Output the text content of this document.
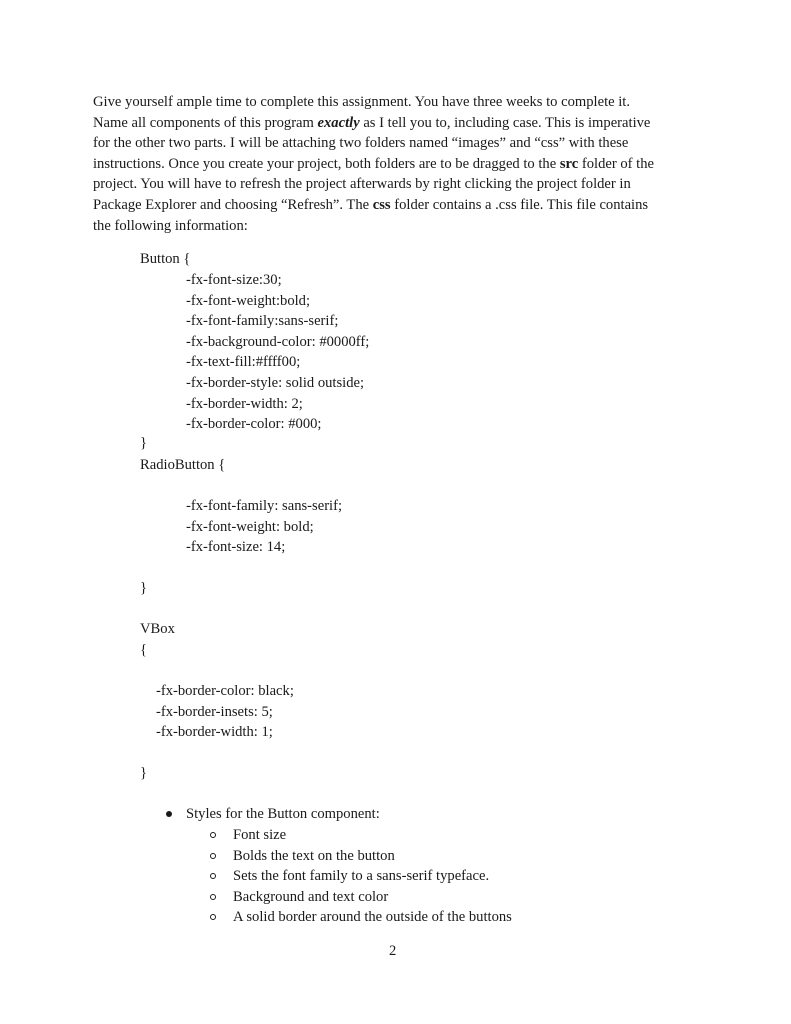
Give yourself ample time to complete this assignment. You have three weeks to complete it.
Name all components of this program exactly as I tell you to, including case. This is imperative
for the other two parts. I will be attaching two folders named “images” and “css” with these
instructions. Once you create your project, both folders are to be dragged to the src folder of the
project. You will have to refresh the project afterwards by right clicking the project folder in
Package Explorer and choosing “Refresh”. The css folder contains a .css file. This file contains
the following information:
Button {
-fx-font-size:30;
-fx-font-weight:bold;
-fx-font-family:sans-serif;
-fx-background-color: #0000ff;
-fx-text-fill:#ffff00;
-fx-border-style: solid outside;
-fx-border-width: 2;
-fx-border-color: #000;
}
RadioButton {
-fx-font-family: sans-serif;
-fx-font-weight: bold;
-fx-font-size: 14;
}
VBox
{
-fx-border-color: black;
-fx-border-insets: 5;
-fx-border-width: 1;
}
Styles for the Button component:
Font size
Bolds the text on the button
Sets the font family to a sans-serif typeface.
Background and text color
A solid border around the outside of the buttons
2
